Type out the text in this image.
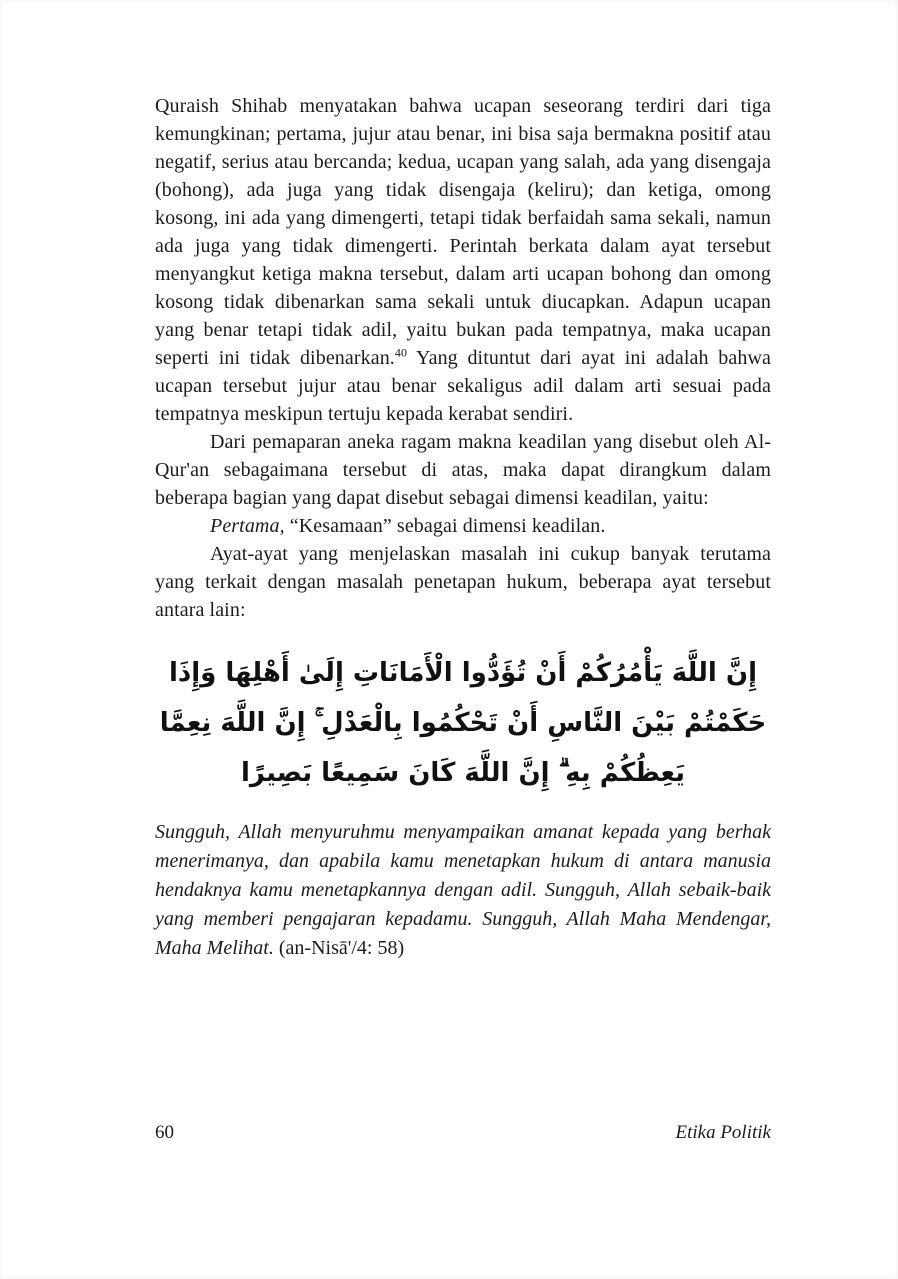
Quraish Shihab menyatakan bahwa ucapan seseorang terdiri dari tiga kemungkinan; pertama, jujur atau benar, ini bisa saja bermakna positif atau negatif, serius atau bercanda; kedua, ucapan yang salah, ada yang disengaja (bohong), ada juga yang tidak disengaja (keliru); dan ketiga, omong kosong, ini ada yang dimengerti, tetapi tidak berfaidah sama sekali, namun ada juga yang tidak dimengerti. Perintah berkata dalam ayat tersebut menyangkut ketiga makna tersebut, dalam arti ucapan bohong dan omong kosong tidak dibenarkan sama sekali untuk diucapkan. Adapun ucapan yang benar tetapi tidak adil, yaitu bukan pada tempatnya, maka ucapan seperti ini tidak dibenarkan.$^{40}$ Yang dituntut dari ayat ini adalah bahwa ucapan tersebut jujur atau benar sekaligus adil dalam arti sesuai pada tempatnya meskipun tertuju kepada kerabat sendiri.

Dari pemaparan aneka ragam makna keadilan yang disebut oleh Al-Qur'an sebagaimana tersebut di atas, maka dapat dirangkum dalam beberapa bagian yang dapat disebut sebagai dimensi keadilan, yaitu:

Pertama, “Kesamaan” sebagai dimensi keadilan.

Ayat-ayat yang menjelaskan masalah ini cukup banyak terutama yang terkait dengan masalah penetapan hukum, beberapa ayat tersebut antara lain:

إِنَّ اللَّهَ يَأْمُرُكُمْ أَنْ تُؤَدُّوا الْأَمَانَاتِ إِلَىٰ أَهْلِهَا وَإِذَا حَكَمْتُمْ بَيْنَ النَّاسِ أَنْ تَحْكُمُوا بِالْعَدْلِ ۚ إِنَّ اللَّهَ نِعِمَّا يَعِظُكُمْ بِهِ ۗ إِنَّ اللَّهَ كَانَ سَمِيعًا بَصِيرًا

Sungguh, Allah menyuruhmu menyampaikan amanat kepada yang berhak menerimanya, dan apabila kamu menetapkan hukum di antara manusia hendaknya kamu menetapkannya dengan adil. Sungguh, Allah sebaik-baik yang memberi pengajaran kepadamu. Sungguh, Allah Maha Mendengar, Maha Melihat. (an-Nisā'/4: 58)

60	Etika Politik
